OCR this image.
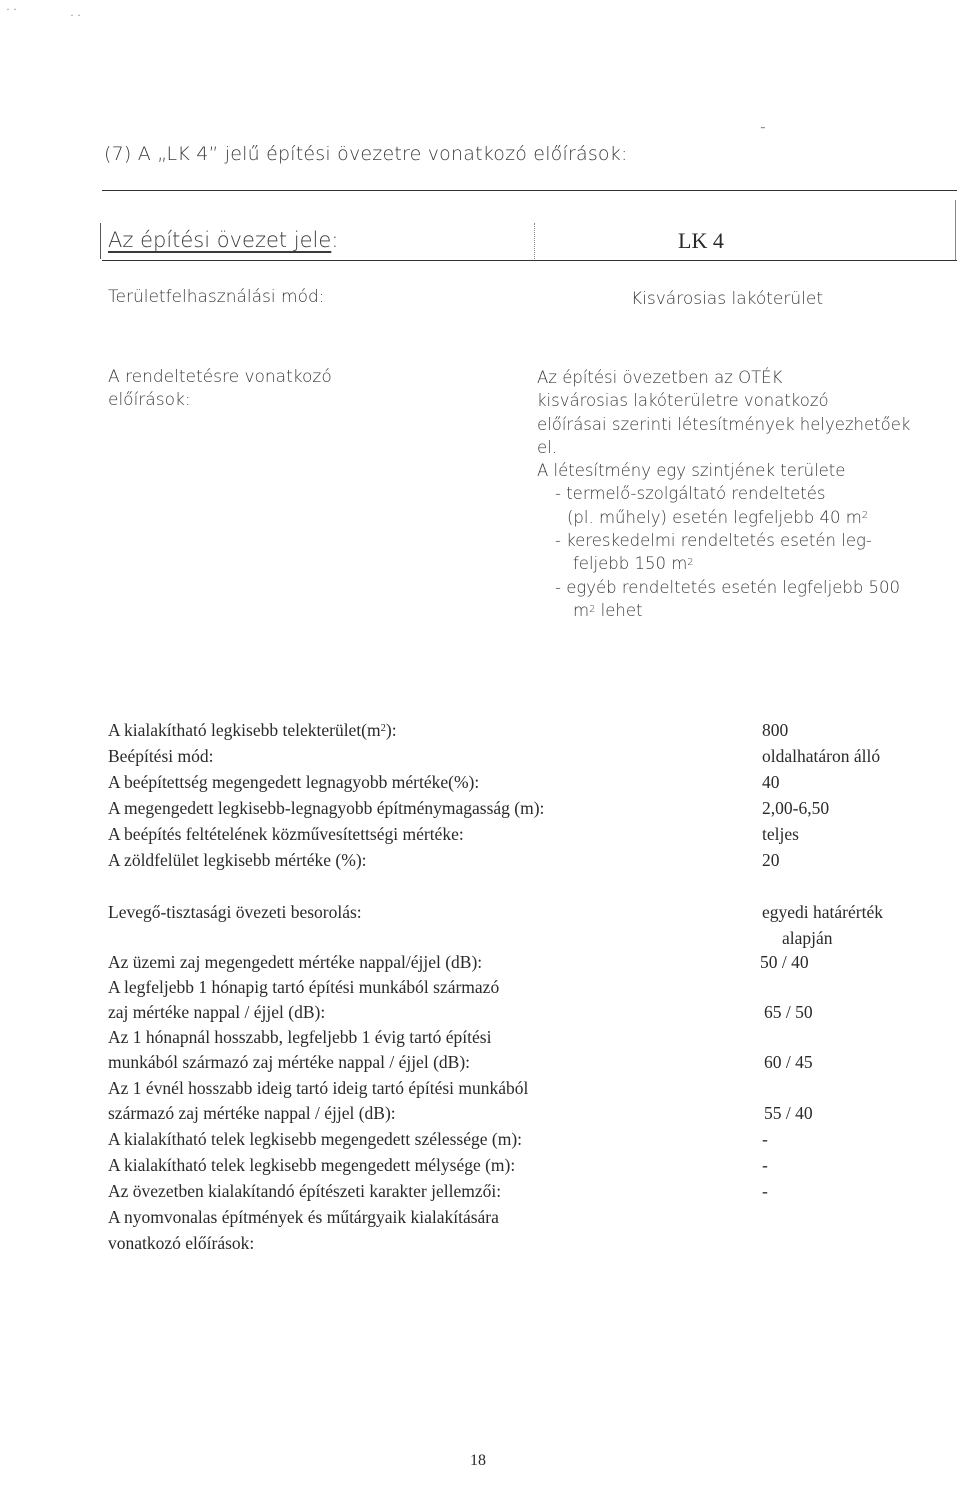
· ·	· ·
-
(7) A „LK 4” jelű építési övezetre vonatkozó előírások:
Az építési övezet jele:	LK 4
Területfelhasználási mód:	Kisvárosias lakóterület
A rendeltetésre vonatkozó
előírások:
Az építési övezetben az OTÉK
kisvárosias lakóterületre vonatkozó
előírásai szerinti létesítmények helyezhetőek
el.
A létesítmény egy szintjének területe
- termelő-szolgáltató rendeltetés
(pl. műhely) esetén legfeljebb 40 $m^2$
- kereskedelmi rendeltetés esetén leg-
feljebb 150 $m^2$
- egyéb rendeltetés esetén legfeljebb 500
$m^2$ lehet
A kialakítható legkisebb $telekterület(m^2)$:	800
Beépítési mód:	oldalhatáron álló
A beépítettség megengedett legnagyobb mértéke(%):	40
A megengedett legkisebb-legnagyobb építménymagasság (m):	2,00-6,50
A beépítés feltételének közművesítettségi mértéke:	teljes
A zöldfelület legkisebb mértéke (%):	20
Levegő-tisztasági övezeti besorolás:	egyedi határérték
alapján
Az üzemi zaj megengedett mértéke nappal/éjjel (dB):	50 / 40
A legfeljebb 1 hónapig tartó építési munkából származó
zaj mértéke nappal / éjjel (dB):	65 / 50
Az 1 hónapnál hosszabb, legfeljebb 1 évig tartó építési
munkából származó zaj mértéke nappal / éjjel (dB):	60 / 45
Az 1 évnél hosszabb ideig tartó ideig tartó építési munkából
származó zaj mértéke nappal / éjjel (dB):	55 / 40
A kialakítható telek legkisebb megengedett szélessége (m):	-
A kialakítható telek legkisebb megengedett mélysége (m):	-
Az övezetben kialakítandó építészeti karakter jellemzői:	-
A nyomvonalas építmények és műtárgyaik kialakítására
vonatkozó előírások:
18
